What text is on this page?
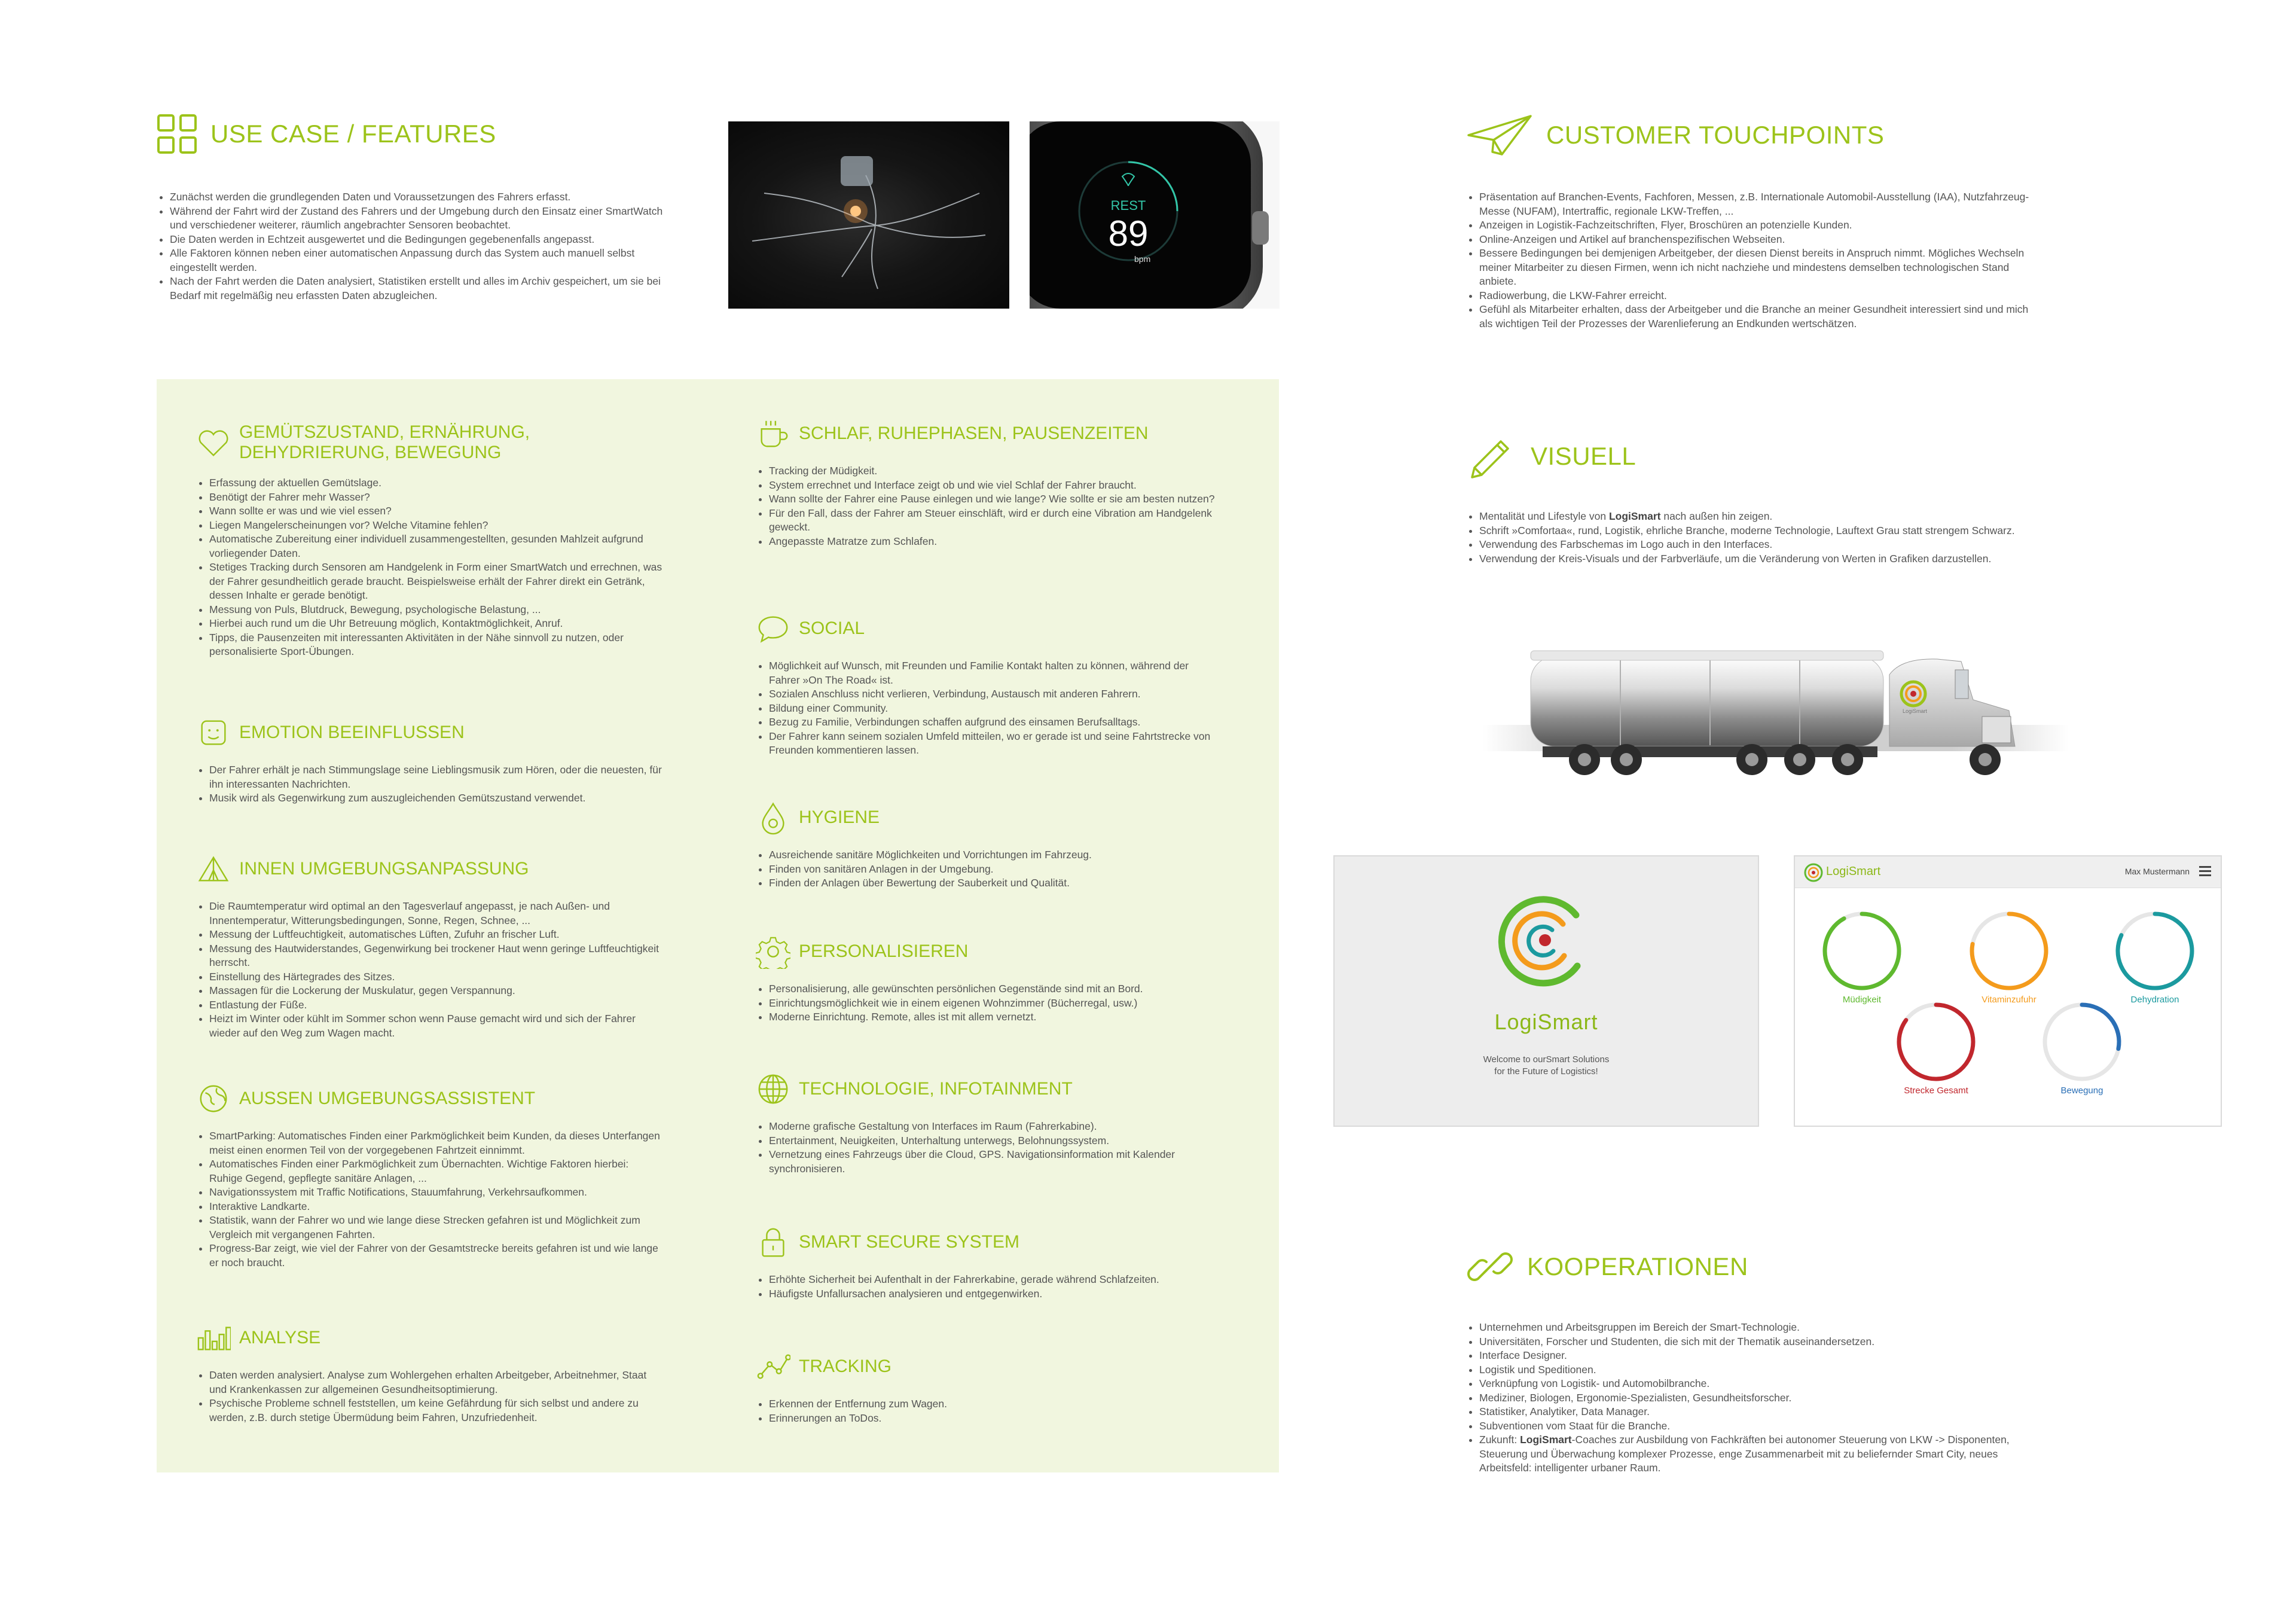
USE CASE / FEATURES
• Zunächst werden die grundlegenden Daten und Voraussetzungen des Fahrers erfasst.
• Während der Fahrt wird der Zustand des Fahrers und der Umgebung durch den Einsatz einer SmartWatch und verschiedener weiterer, räumlich angebrachter Sensoren beobachtet.
• Die Daten werden in Echtzeit ausgewertet und die Bedingungen gegebenenfalls angepasst.
• Alle Faktoren können neben einer automatischen Anpassung durch das System auch manuell selbst eingestellt werden.
• Nach der Fahrt werden die Daten analysiert, Statistiken erstellt und alles im Archiv gespeichert, um sie bei Bedarf mit regelmäßig neu erfassten Daten abzugleichen.
REST
89
bpm
GEMÜTSZUSTAND, ERNÄHRUNG,
DEHYDRIERUNG, BEWEGUNG
• Erfassung der aktuellen Gemütslage.
• Benötigt der Fahrer mehr Wasser?
• Wann sollte er was und wie viel essen?
• Liegen Mangelerscheinungen vor? Welche Vitamine fehlen?
• Automatische Zubereitung einer individuell zusammengestellten, gesunden Mahlzeit aufgrund vorliegender Daten.
• Stetiges Tracking durch Sensoren am Handgelenk in Form einer SmartWatch und errechnen, was der Fahrer gesundheitlich gerade braucht. Beispielsweise erhält der Fahrer direkt ein Getränk, dessen Inhalte er gerade benötigt.
• Messung von Puls, Blutdruck, Bewegung, psychologische Belastung, ...
• Hierbei auch rund um die Uhr Betreuung möglich, Kontaktmöglichkeit, Anruf.
• Tipps, die Pausenzeiten mit interessanten Aktivitäten in der Nähe sinnvoll zu nutzen, oder personalisierte Sport-Übungen.
EMOTION BEEINFLUSSEN
• Der Fahrer erhält je nach Stimmungslage seine Lieblingsmusik zum Hören, oder die neuesten, für ihn interessanten Nachrichten.
• Musik wird als Gegenwirkung zum auszugleichenden Gemütszustand verwendet.
INNEN UMGEBUNGSANPASSUNG
• Die Raumtemperatur wird optimal an den Tagesverlauf angepasst, je nach Außen- und Innentemperatur, Witterungsbedingungen, Sonne, Regen, Schnee, ...
• Messung der Luftfeuchtigkeit, automatisches Lüften, Zufuhr an frischer Luft.
• Messung des Hautwiderstandes, Gegenwirkung bei trockener Haut wenn geringe Luftfeuchtigkeit herrscht.
• Einstellung des Härtegrades des Sitzes.
• Massagen für die Lockerung der Muskulatur, gegen Verspannung.
• Entlastung der Füße.
• Heizt im Winter oder kühlt im Sommer schon wenn Pause gemacht wird und sich der Fahrer wieder auf den Weg zum Wagen macht.
AUSSEN UMGEBUNGSASSISTENT
• SmartParking: Automatisches Finden einer Parkmöglichkeit beim Kunden, da dieses Unterfangen meist einen enormen Teil von der vorgegebenen Fahrtzeit einnimmt.
• Automatisches Finden einer Parkmöglichkeit zum Übernachten. Wichtige Faktoren hierbei: Ruhige Gegend, gepflegte sanitäre Anlagen, ...
• Navigationssystem mit Traffic Notifications, Stauumfahrung, Verkehrsaufkommen.
• Interaktive Landkarte.
• Statistik, wann der Fahrer wo und wie lange diese Strecken gefahren ist und Möglichkeit zum Vergleich mit vergangenen Fahrten.
• Progress-Bar zeigt, wie viel der Fahrer von der Gesamtstrecke bereits gefahren ist und wie lange er noch braucht.
ANALYSE
• Daten werden analysiert. Analyse zum Wohlergehen erhalten Arbeitgeber, Arbeitnehmer, Staat und Krankenkassen zur allgemeinen Gesundheitsoptimierung.
• Psychische Probleme schnell feststellen, um keine Gefährdung für sich selbst und andere zu werden, z.B. durch stetige Übermüdung beim Fahren, Unzufriedenheit.
SCHLAF, RUHEPHASEN, PAUSENZEITEN
• Tracking der Müdigkeit.
• System errechnet und Interface zeigt ob und wie viel Schlaf der Fahrer braucht.
• Wann sollte der Fahrer eine Pause einlegen und wie lange? Wie sollte er sie am besten nutzen?
• Für den Fall, dass der Fahrer am Steuer einschläft, wird er durch eine Vibration am Handgelenk geweckt.
• Angepasste Matratze zum Schlafen.
SOCIAL
• Möglichkeit auf Wunsch, mit Freunden und Familie Kontakt halten zu können, während der Fahrer »On The Road« ist.
• Sozialen Anschluss nicht verlieren, Verbindung, Austausch mit anderen Fahrern.
• Bildung einer Community.
• Bezug zu Familie, Verbindungen schaffen aufgrund des einsamen Berufsalltags.
• Der Fahrer kann seinem sozialen Umfeld mitteilen, wo er gerade ist und seine Fahrtstrecke von Freunden kommentieren lassen.
HYGIENE
• Ausreichende sanitäre Möglichkeiten und Vorrichtungen im Fahrzeug.
• Finden von sanitären Anlagen in der Umgebung.
• Finden der Anlagen über Bewertung der Sauberkeit und Qualität.
PERSONALISIEREN
• Personalisierung, alle gewünschten persönlichen Gegenstände sind mit an Bord.
• Einrichtungsmöglichkeit wie in einem eigenen Wohnzimmer (Bücherregal, usw.)
• Moderne Einrichtung. Remote, alles ist mit allem vernetzt.
TECHNOLOGIE, INFOTAINMENT
• Moderne grafische Gestaltung von Interfaces im Raum (Fahrerkabine).
• Entertainment, Neuigkeiten, Unterhaltung unterwegs, Belohnungssystem.
• Vernetzung eines Fahrzeugs über die Cloud, GPS. Navigationsinformation mit Kalender synchronisieren.
SMART SECURE SYSTEM
• Erhöhte Sicherheit bei Aufenthalt in der Fahrerkabine, gerade während Schlafzeiten.
• Häufigste Unfallursachen analysieren und entgegenwirken.
TRACKING
• Erkennen der Entfernung zum Wagen.
• Erinnerungen an ToDos.
CUSTOMER TOUCHPOINTS
• Präsentation auf Branchen-Events, Fachforen, Messen, z.B. Internationale Automobil-Ausstellung (IAA), Nutzfahrzeug-Messe (NUFAM), Intertraffic, regionale LKW-Treffen, ...
• Anzeigen in Logistik-Fachzeitschriften, Flyer, Broschüren an potenzielle Kunden.
• Online-Anzeigen und Artikel auf branchenspezifischen Webseiten.
• Bessere Bedingungen bei demjenigen Arbeitgeber, der diesen Dienst bereits in Anspruch nimmt. Mögliches Wechseln meiner Mitarbeiter zu diesen Firmen, wenn ich nicht nachziehe und mindestens demselben technologischen Stand anbiete.
• Radiowerbung, die LKW-Fahrer erreicht.
• Gefühl als Mitarbeiter erhalten, dass der Arbeitgeber und die Branche an meiner Gesundheit interessiert sind und mich als wichtigen Teil der Prozesses der Warenlieferung an Endkunden wertschätzen.
VISUELL
• Mentalität und Lifestyle von LogiSmart nach außen hin zeigen.
• Schrift »Comfortaa«, rund, Logistik, ehrliche Branche, moderne Technologie, Lauftext Grau statt strengem Schwarz.
• Verwendung des Farbschemas im Logo auch in den Interfaces.
• Verwendung der Kreis-Visuals und der Farbverläufe, um die Veränderung von Werten in Grafiken darzustellen.
LogiSmart
LogiSmart
Welcome to ourSmart Solutions
for the Future of Logistics!
LogiSmart	Max Mustermann
Müdigkeit	Vitaminzufuhr	Dehydration
Strecke Gesamt	Bewegung
KOOPERATIONEN
• Unternehmen und Arbeitsgruppen im Bereich der Smart-Technologie.
• Universitäten, Forscher und Studenten, die sich mit der Thematik auseinandersetzen.
• Interface Designer.
• Logistik und Speditionen.
• Verknüpfung von Logistik- und Automobilbranche.
• Mediziner, Biologen, Ergonomie-Spezialisten, Gesundheitsforscher.
• Statistiker, Analytiker, Data Manager.
• Subventionen vom Staat für die Branche.
• Zukunft: LogiSmart-Coaches zur Ausbildung von Fachkräften bei autonomer Steuerung von LKW -> Disponenten, Steuerung und Überwachung komplexer Prozesse, enge Zusammenarbeit mit zu beliefernder Smart City, neues Arbeitsfeld: intelligenter urbaner Raum.
